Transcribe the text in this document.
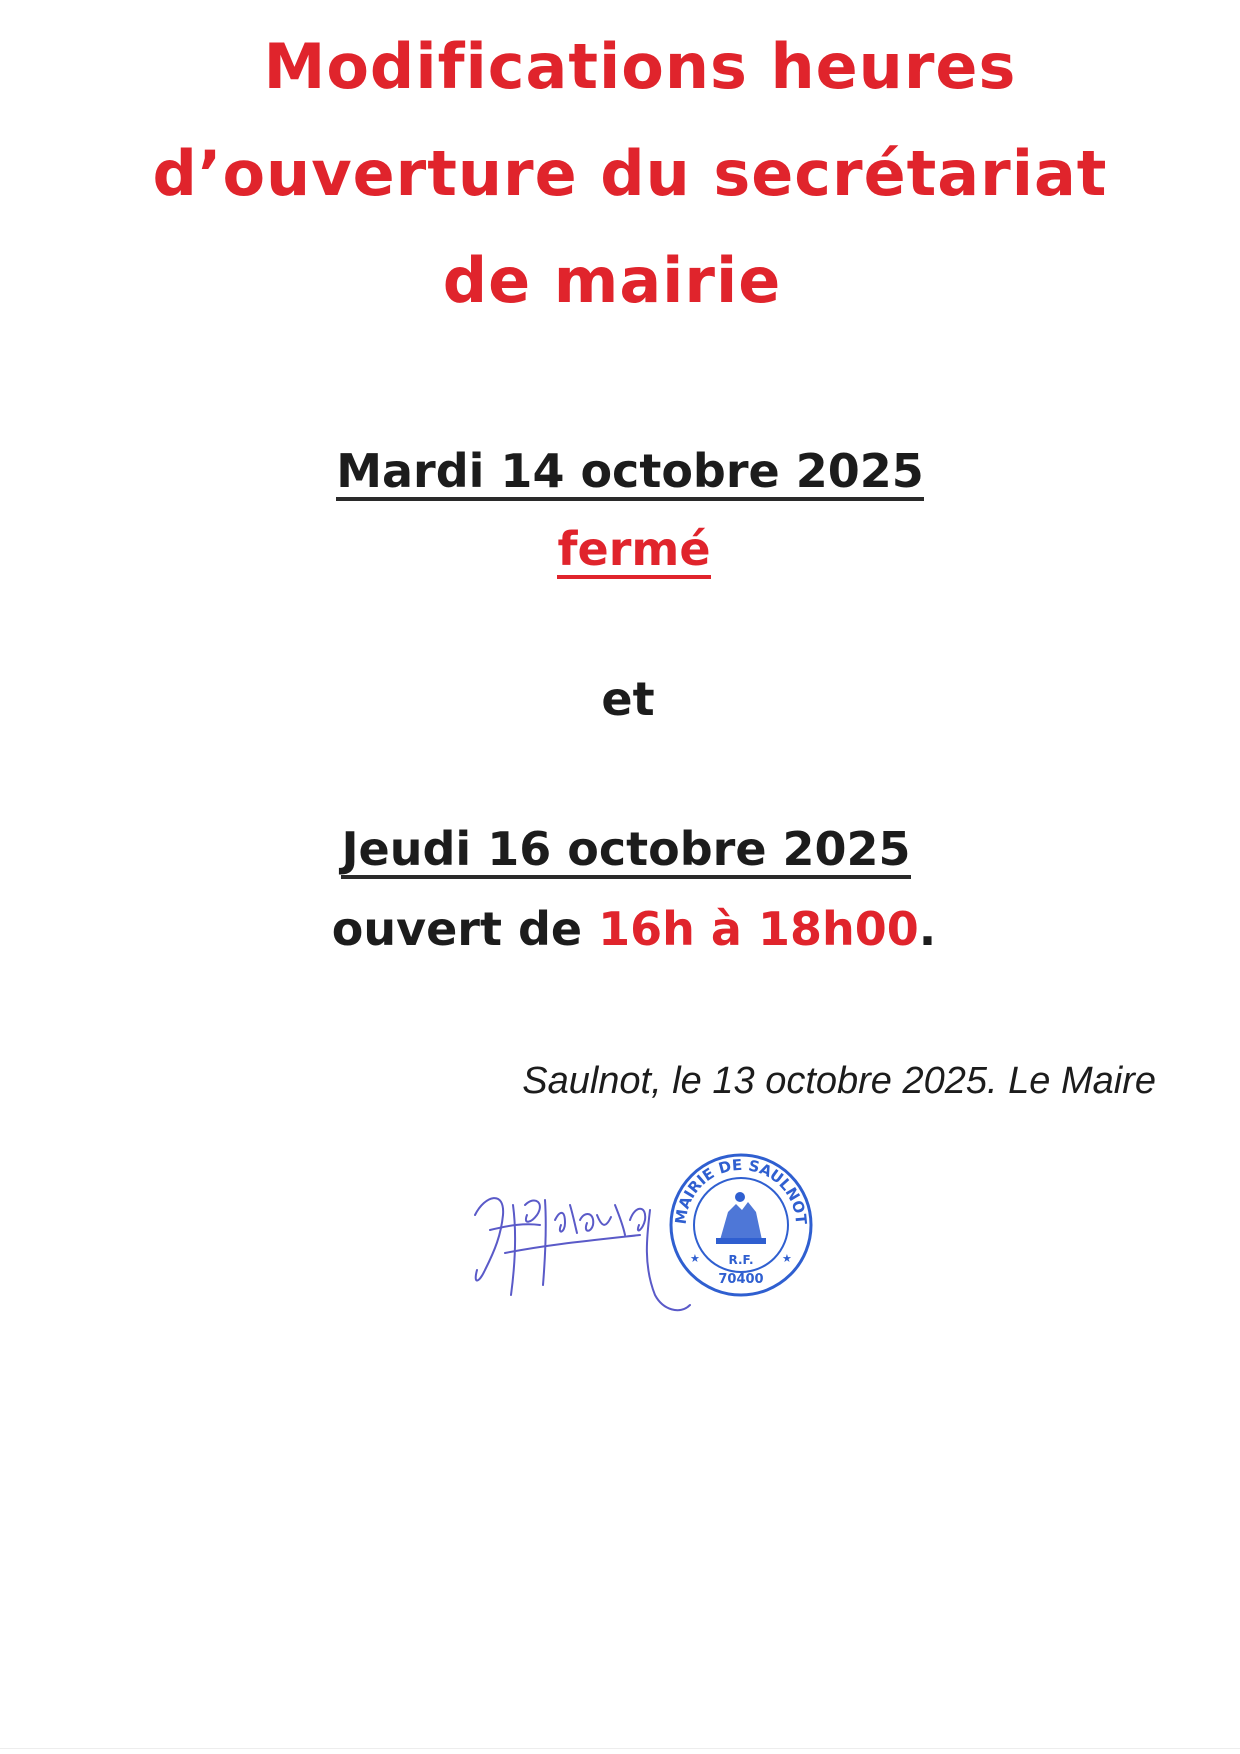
Modifications heures
d’ouverture du secrétariat
de mairie
Mardi 14 octobre 2025
fermé
et
Jeudi 16 octobre 2025
ouvert de 16h à 18h00.
Saulnot, le 13 octobre 2025. Le Maire
MAIRIE DE SAULNOT
R.F.
70400
★	★
